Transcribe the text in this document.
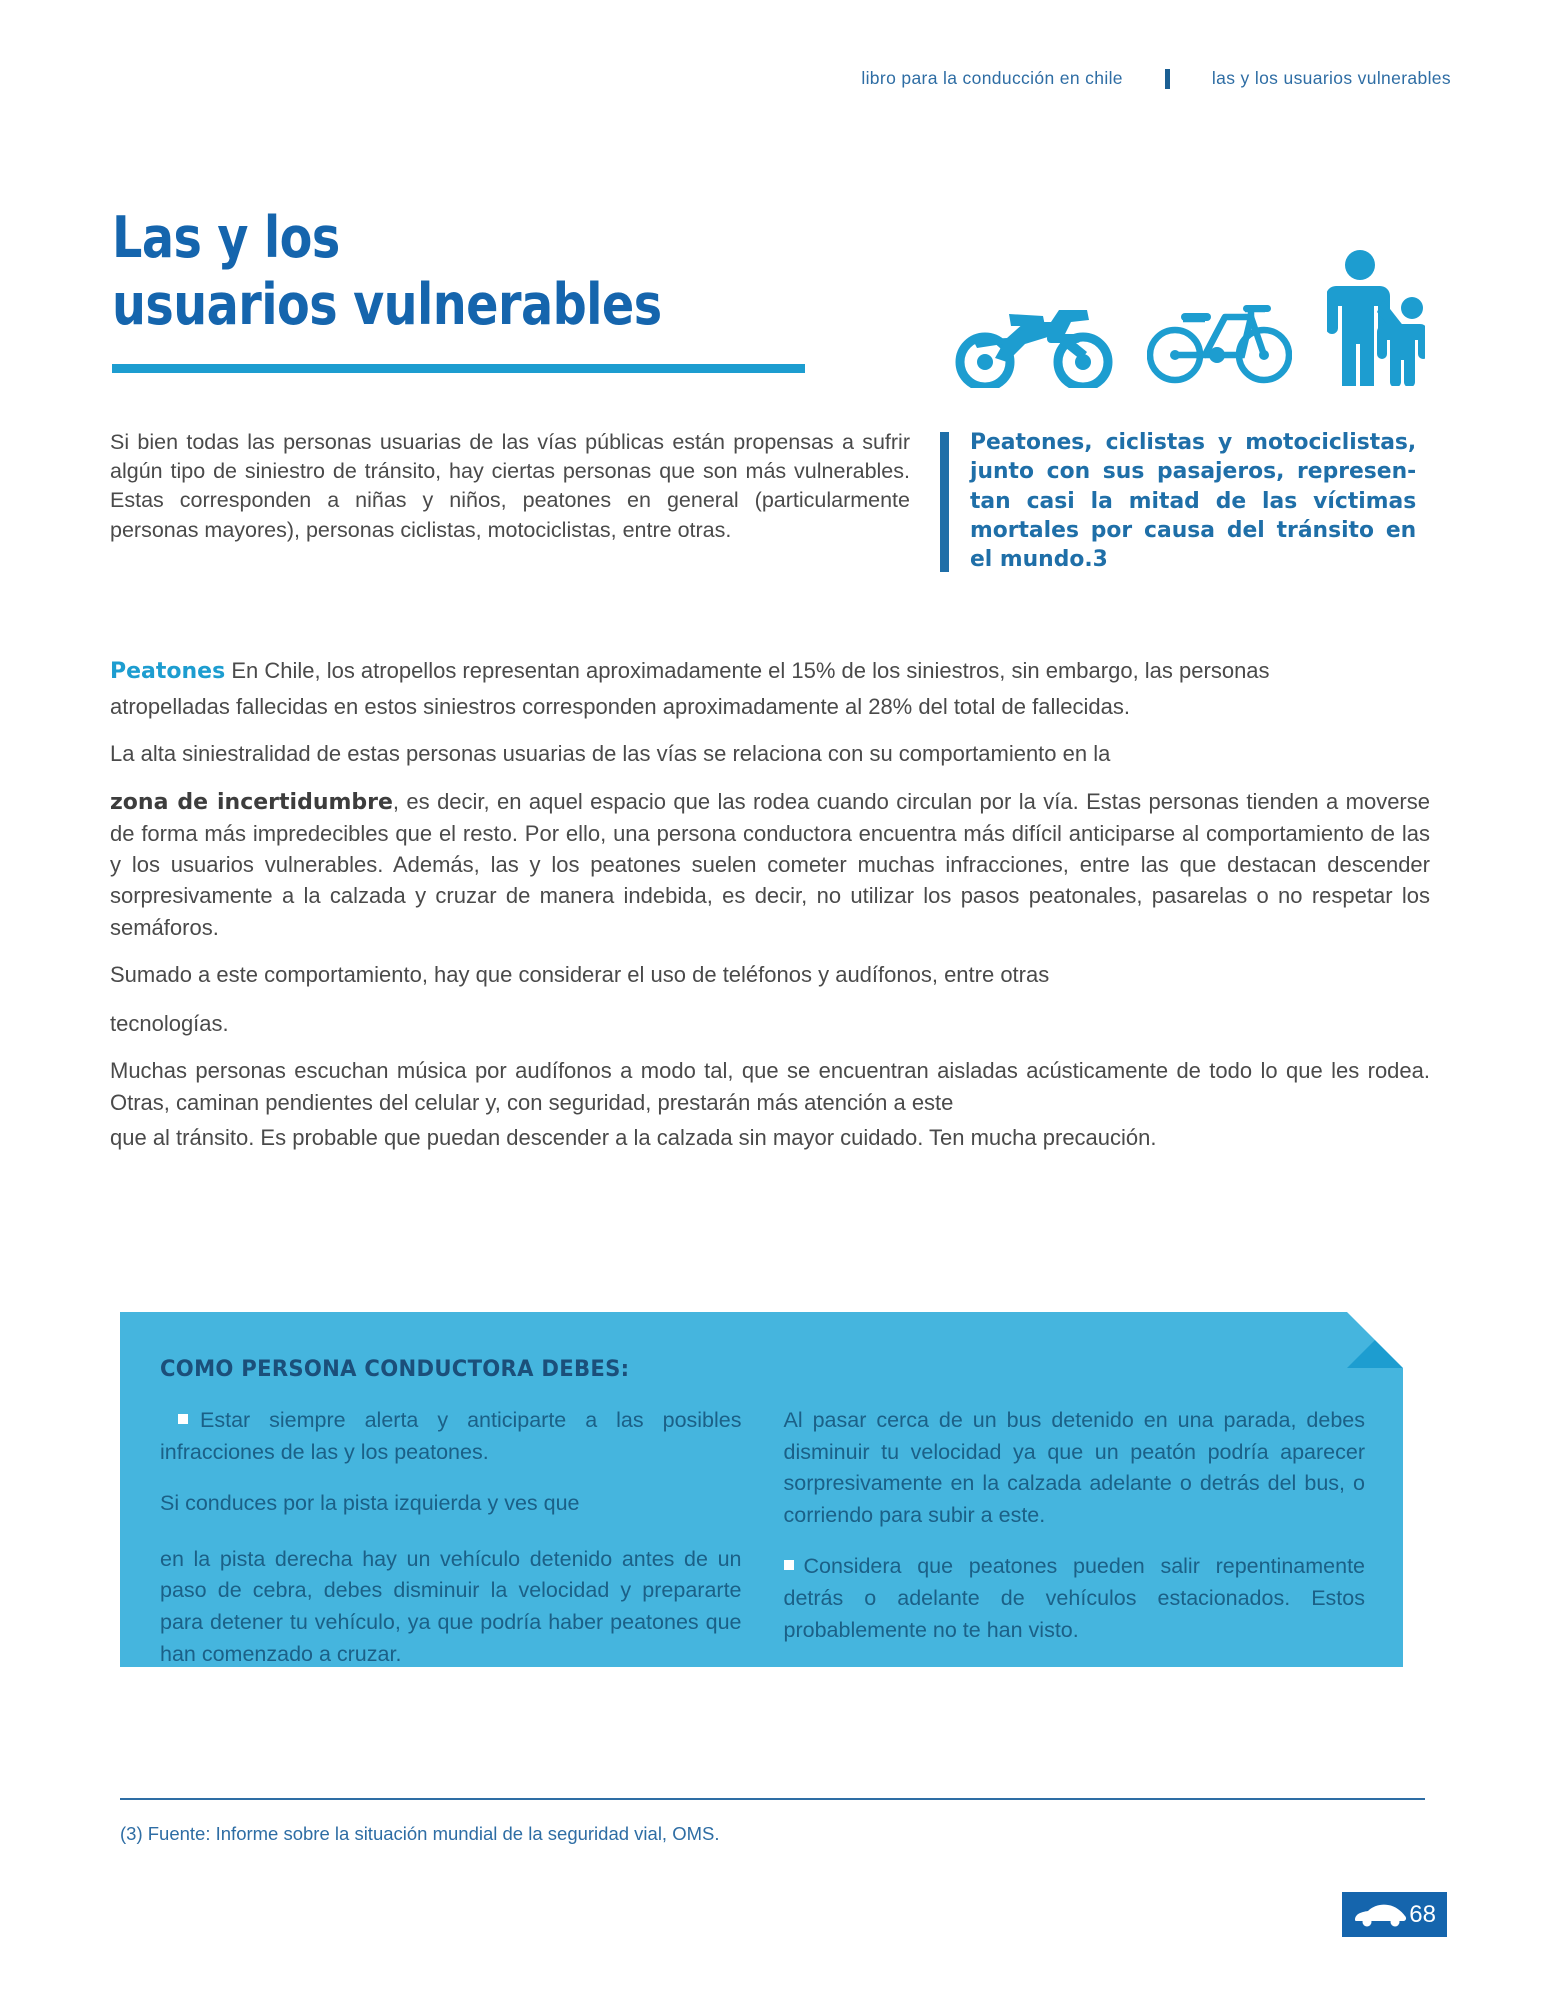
libro para la conducción en chile	las y los usuarios vulnerables
Las y los
usuarios vulnerables
Si bien todas las personas usuarias de las vías públicas están propensas a sufrir algún tipo de siniestro de tránsito, hay ciertas personas que son más vulnerables. Estas corresponden a niñas y niños, peatones en general (particularmente personas mayores), personas ciclistas, motociclistas, entre otras.

Peatones, ciclistas y motociclistas, junto con sus pasajeros, represen- tan casi la mitad de las víctimas mortales por causa del tránsito en el mundo.3

Peatones En Chile, los atropellos representan aproximadamente el 15% de los siniestros, sin embargo, las personas

atropelladas fallecidas en estos siniestros corresponden aproximadamente al 28% del total de fallecidas.

La alta siniestralidad de estas personas usuarias de las vías se relaciona con su comportamiento en la

zona de incertidumbre, es decir, en aquel espacio que las rodea cuando circulan por la vía. Estas personas tienden a moverse de forma más impredecibles que el resto. Por ello, una persona conductora encuentra más difícil anticiparse al comportamiento de las y los usuarios vulnerables. Además, las y los peatones suelen cometer muchas infracciones, entre las que destacan descender sorpresivamente a la calzada y cruzar de manera indebida, es decir, no utilizar los pasos peatonales, pasarelas o no respetar los semáforos.

Sumado a este comportamiento, hay que considerar el uso de teléfonos y audífonos, entre otras

tecnologías.

Muchas personas escuchan música por audífonos a modo tal, que se encuentran aisladas acústicamente de todo lo que les rodea. Otras, caminan pendientes del celular y, con seguridad, prestarán más atención a este

que al tránsito. Es probable que puedan descender a la calzada sin mayor cuidado. Ten mucha precaución.

COMO PERSONA CONDUCTORA DEBES:
Estar siempre alerta y anticiparte a las posibles infracciones de las y los peatones.
Si conduces por la pista izquierda y ves que
en la pista derecha hay un vehículo detenido antes de un paso de cebra, debes disminuir la velocidad y prepararte para detener tu vehículo, ya que podría haber peatones que han comenzado a cruzar.
Al pasar cerca de un bus detenido en una parada, debes disminuir tu velocidad ya que un peatón podría aparecer sorpresivamente en la calzada adelante o detrás del bus, o corriendo para subir a este.
Considera que peatones pueden salir repentinamente detrás o adelante de vehículos estacionados. Estos probablemente no te han visto.
(3) Fuente: Informe sobre la situación mundial de la seguridad vial, OMS.
68
